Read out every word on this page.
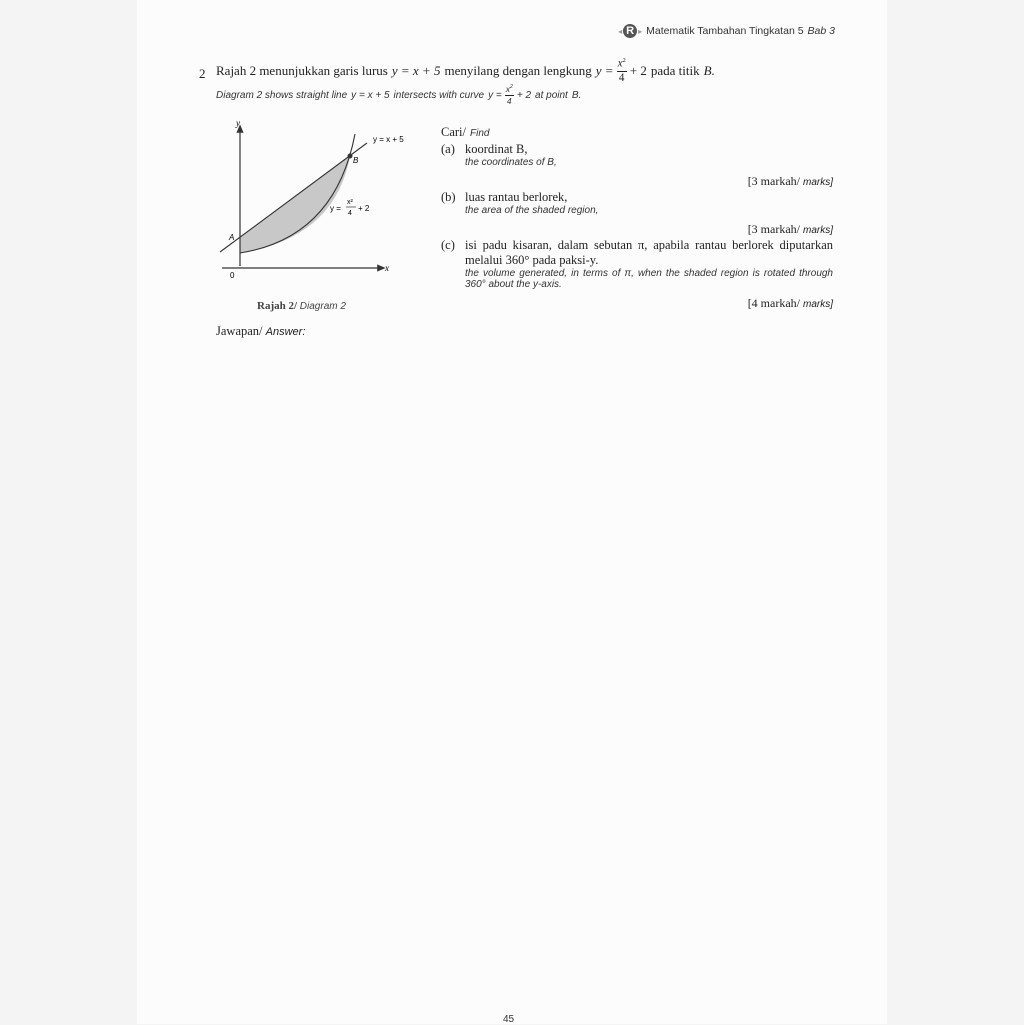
◂ R ▸ Matematik Tambahan Tingkatan 5 Bab 3
2 Rajah 2 menunjukkan garis lurus y = x + 5 menyilang dengan lengkung $y = \frac{x^2}{4} + 2$ pada titik B.
Diagram 2 shows straight line y = x + 5 intersects with curve $y = \frac{x^2}{4} + 2$ at point B.
y
x
0
A
B
y = x + 5
y =
x²
4
+ 2
Rajah 2/ Diagram 2
Cari/ Find
(a) koordinat B,
the coordinates of B,
[3 markah/ marks]
(b) luas rantau berlorek,
the area of the shaded region,
[3 markah/ marks]
(c) isi padu kisaran, dalam sebutan π, apabila rantau berlorek diputarkan melalui 360° pada paksi-y.
the volume generated, in terms of π, when the shaded region is rotated through 360° about the y-axis.
[4 markah/ marks]
Jawapan/ Answer:
45
